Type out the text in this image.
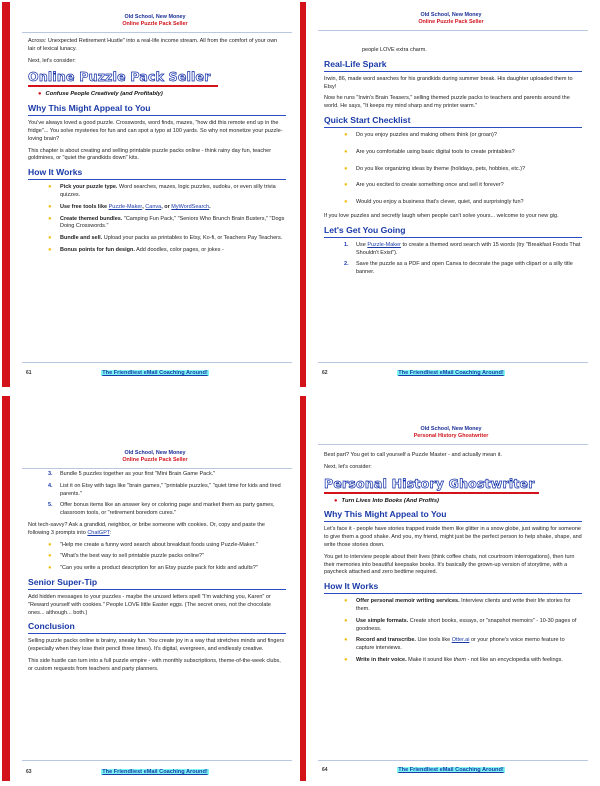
Old School, New Money
Online Puzzle Pack Seller

Across: Unexpected Retirement Hustle" into a real-life income stream. All from the comfort of your own lair of lexical lunacy.

Next, let's consider:

Online Puzzle Pack Seller
● Confuse People Creatively (and Profitably)
Why This Might Appeal to You

You've always loved a good puzzle. Crosswords, word finds, mazes, "how did this remote end up in the fridge"... You solve mysteries for fun and can spot a typo at 100 yards. So why not monetize your puzzle-loving brain?

This chapter is about creating and selling printable puzzle packs online - think rainy day fun, teacher goldmines, or "quiet the grandkids down" kits.

How It Works
● Pick your puzzle type. Word searches, mazes, logic puzzles, sudoku, or even silly trivia quizzes.
● Use free tools like Puzzle-Maker, Canva, or MyWordSearch.
● Create themed bundles. "Camping Fun Pack," "Seniors Who Brunch Brain Busters," "Dogs Doing Crosswords."
● Bundle and sell. Upload your packs as printables to Etsy, Ko-fi, or Teachers Pay Teachers.
● Bonus points for fun design. Add doodles, color pages, or jokes -
61	The Friendliest eMail Coaching Around!
Old School, New Money
Online Puzzle Pack Seller

people LOVE extra charm.

Real-Life Spark

Irwin, 86, made word searches for his grandkids during summer break. His daughter uploaded them to Etsy!

Now he runs "Irwin's Brain Teasers," selling themed puzzle packs to teachers and parents around the world. He says, "It keeps my mind sharp and my printer warm."

Quick Start Checklist
● Do you enjoy puzzles and making others think (or groan)?
● Are you comfortable using basic digital tools to create printables?
● Do you like organizing ideas by theme (holidays, pets, hobbies, etc.)?
● Are you excited to create something once and sell it forever?
● Would you enjoy a business that's clever, quiet, and surprisingly fun?

If you love puzzles and secretly laugh when people can't solve yours... welcome to your new gig.

Let's Get You Going
1. Use Puzzle-Maker to create a themed word search with 15 words (try "Breakfast Foods That Shouldn't Exist").
2. Save the puzzle as a PDF and open Canva to decorate the page with clipart or a silly title banner.
62	The Friendliest eMail Coaching Around!
Old School, New Money
Online Puzzle Pack Seller
3. Bundle 5 puzzles together as your first "Mini Brain Game Pack."
4. List it on Etsy with tags like "brain games," "printable puzzles," "quiet time for kids and tired parents."
5. Offer bonus items like an answer key or coloring page and market them as party games, classroom tools, or "retirement boredom cures."

Not tech-savvy? Ask a grandkid, neighbor, or bribe someone with cookies. Or, copy and paste the following 3 prompts into ChatGPT:

● "Help me create a funny word search about breakfast foods using Puzzle-Maker."
● "What's the best way to sell printable puzzle packs online?"
● "Can you write a product description for an Etsy puzzle pack for kids and adults?"
Senior Super-Tip

Add hidden messages to your puzzles - maybe the unused letters spell "I'm watching you, Karen" or "Reward yourself with cookies." People LOVE little Easter eggs. (The secret ones, not the chocolate ones... although... both.)

Conclusion

Selling puzzle packs online is brainy, sneaky fun. You create joy in a way that stretches minds and fingers (especially when they lose their pencil three times). It's digital, evergreen, and endlessly creative.

This side hustle can turn into a full puzzle empire - with monthly subscriptions, theme-of-the-week clubs, or custom requests from teachers and party planners.

63	The Friendliest eMail Coaching Around!
Old School, New Money
Personal History Ghostwriter

Best part? You get to call yourself a Puzzle Master - and actually mean it.

Next, let's consider:

Personal History Ghostwriter
● Turn Lives Into Books (And Profits)
Why This Might Appeal to You

Let's face it - people have stories trapped inside them like glitter in a snow globe, just waiting for someone to give them a good shake. And you, my friend, might just be the perfect person to help shake, shape, and write those stories down.

You get to interview people about their lives (think coffee chats, not courtroom interrogations), then turn their memories into beautiful keepsake books. It's basically the grown-up version of storytime, with a paycheck attached and zero bedtime required.

How It Works
● Offer personal memoir writing services. Interview clients and write their life stories for them.
● Use simple formats. Create short books, essays, or "snapshot memoirs" - 10-30 pages of goodness.
● Record and transcribe. Use tools like Otter.ai or your phone's voice memo feature to capture interviews.
● Write in their voice. Make it sound like them - not like an encyclopedia with feelings.
64	The Friendliest eMail Coaching Around!
